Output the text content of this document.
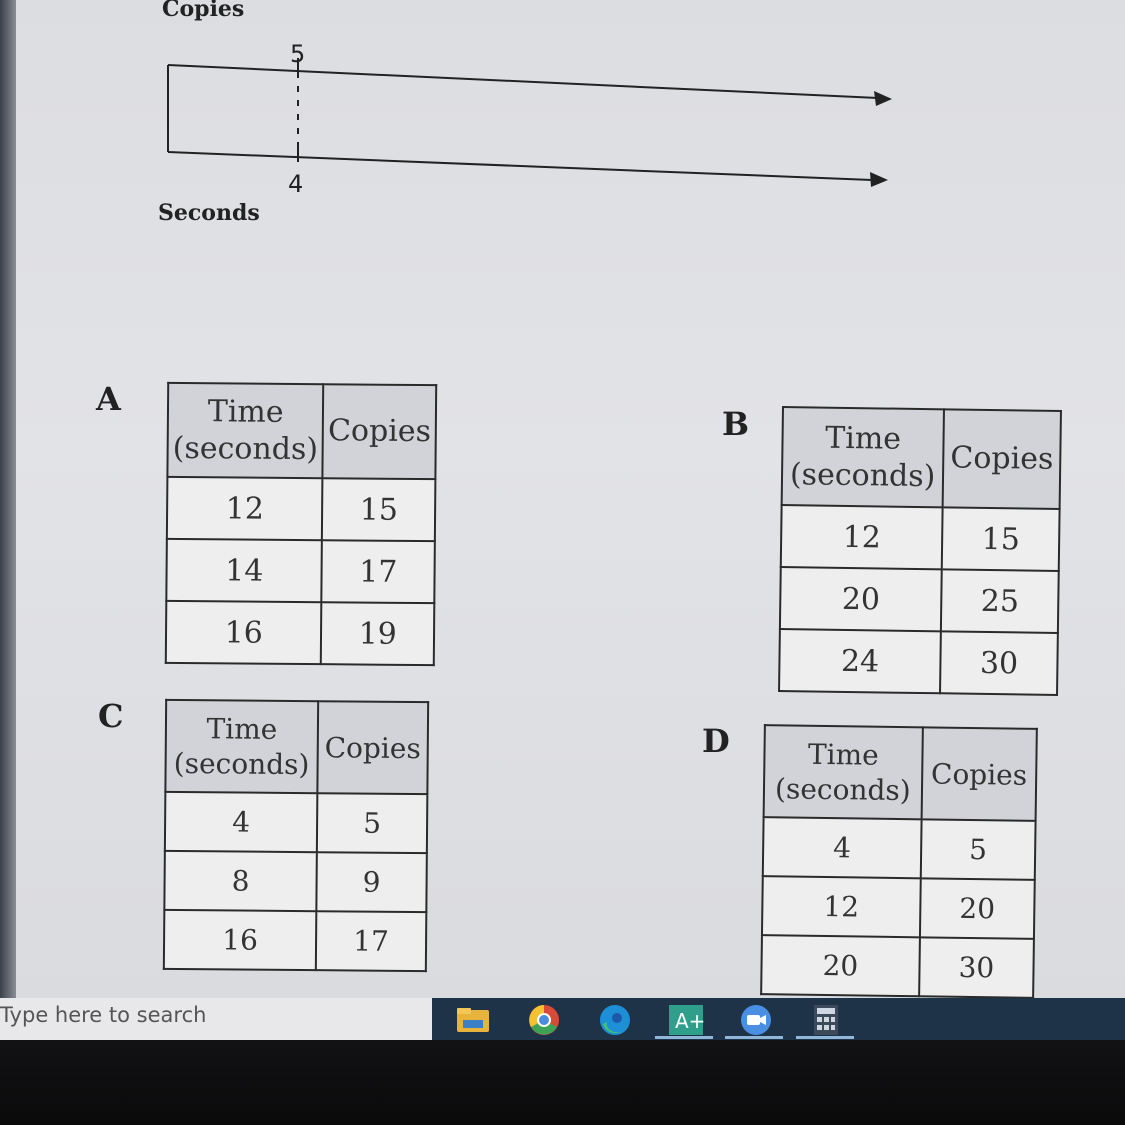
Copies
5
4
Seconds
A	Time (seconds)	Copies
12	15
14	17
16	19
B	Time (seconds)	Copies
12	15
20	25
24	30
C	Time (seconds)	Copies
4	5
8	9
16	17
D	Time (seconds)	Copies
4	5
12	20
20	30
Type here to search	A+
